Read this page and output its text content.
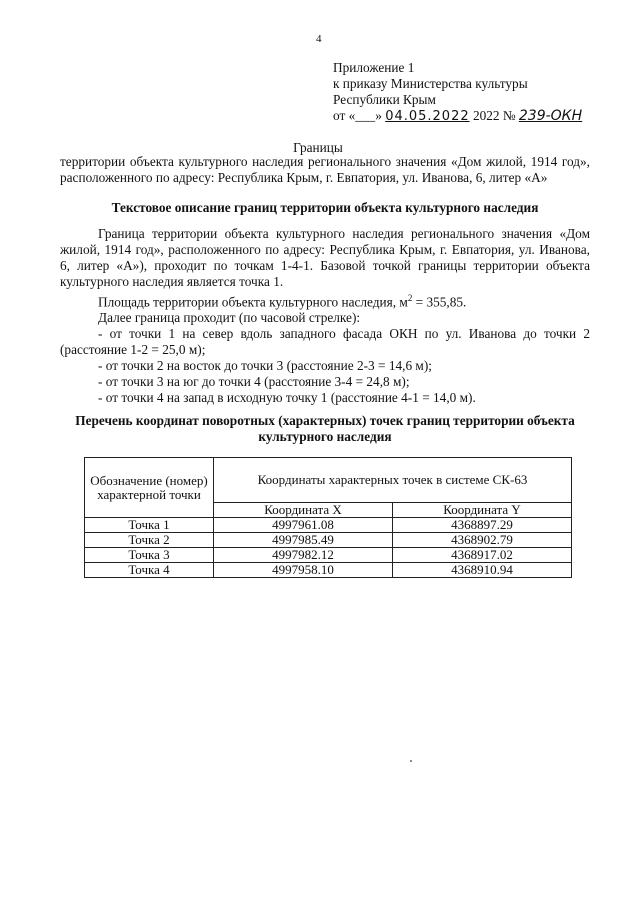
4
Приложение 1
к приказу Министерства культуры
Республики Крым
от «___» 04.05.2022 2022 № 239-ОКН
Границы
территории объекта культурного наследия регионального значения «Дом жилой, 1914 год», расположенного по адресу: Республика Крым, г. Евпатория, ул. Иванова, 6, литер «А»
Текстовое описание границ территории объекта культурного наследия

Граница территории объекта культурного наследия регионального значения «Дом жилой, 1914 год», расположенного по адресу: Республика Крым, г. Евпатория, ул. Иванова, 6, литер «А»), проходит по точкам 1-4-1. Базовой точкой границы территории объекта культурного наследия является точка 1.

Площадь территории объекта культурного наследия, $м^2 = 355,85$.

Далее граница проходит (по часовой стрелке):

- от точки 1 на север вдоль западного фасада ОКН по ул. Иванова до точки 2 (расстояние 1-2 = 25,0 м);

- от точки 2 на восток до точки 3 (расстояние 2-3 = 14,6 м);

- от точки 3 на юг до точки 4 (расстояние 3-4 = 24,8 м);

- от точки 4 на запад в исходную точку 1 (расстояние 4-1 = 14,0 м).

Перечень координат поворотных (характерных) точек границ территории объекта культурного наследия
Обозначение (номер) характерной точки	Координаты характерных точек в системе СК-63	
	Координата X	Координата Y
Точка 1	4997961.08	4368897.29
Точка 2	4997985.49	4368902.79
Точка 3	4997982.12	4368917.02
Точка 4	4997958.10	4368910.94
